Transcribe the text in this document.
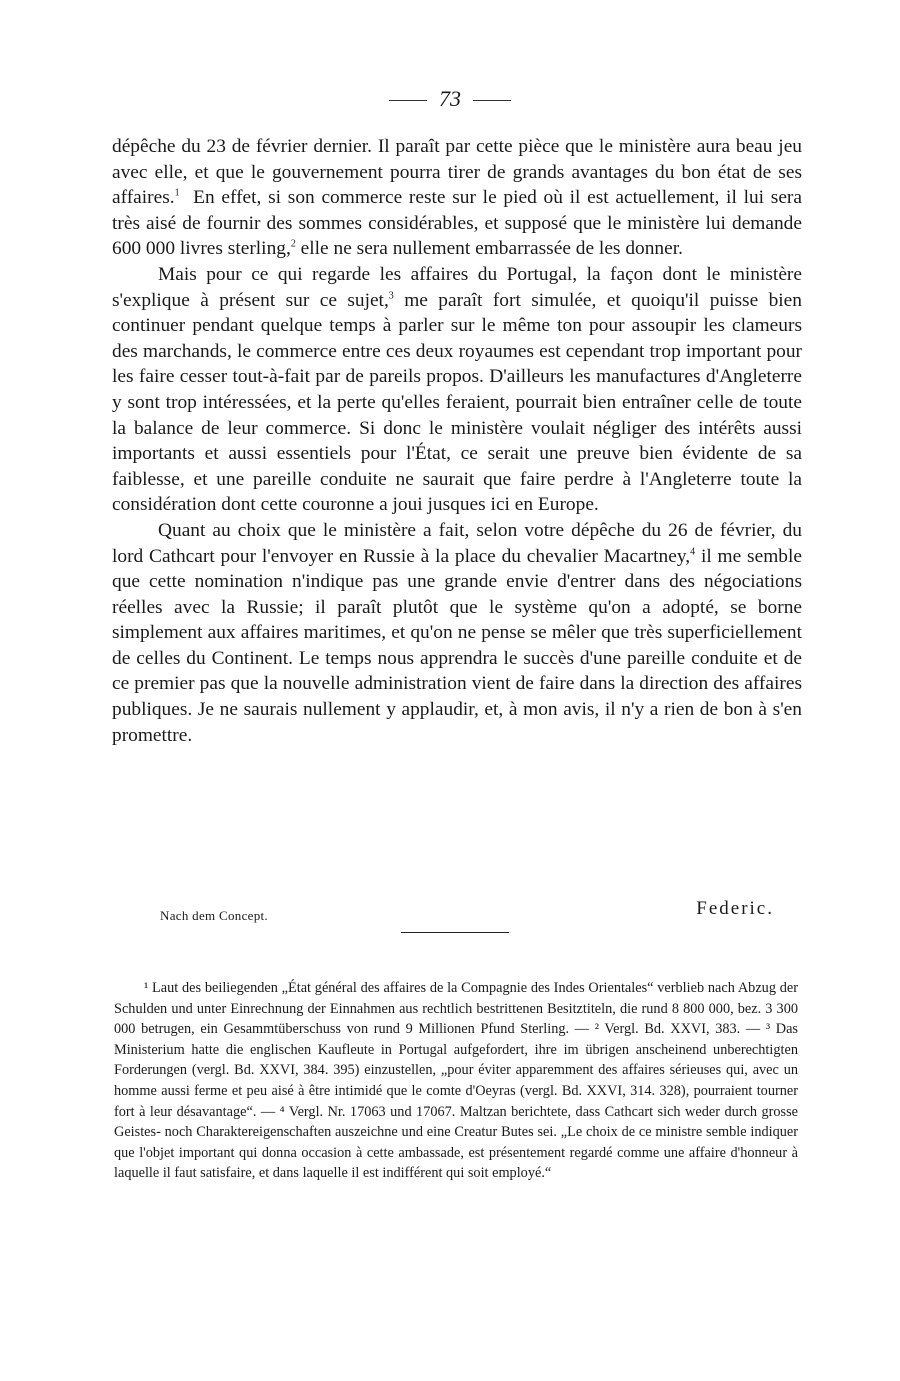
73

dépêche du 23 de février dernier. Il paraît par cette pièce que le ministère aura beau jeu avec elle, et que le gouvernement pourra tirer de grands avantages du bon état de ses affaires.$^1$ En effet, si son commerce reste sur le pied où il est actuellement, il lui sera très aisé de fournir des sommes considérables, et supposé que le ministère lui demande 600 000 livres sterling,$^2$ elle ne sera nullement embarrassée de les donner.

Mais pour ce qui regarde les affaires du Portugal, la façon dont le ministère s'explique à présent sur ce sujet,$^3$ me paraît fort simulée, et quoiqu'il puisse bien continuer pendant quelque temps à parler sur le même ton pour assoupir les clameurs des marchands, le commerce entre ces deux royaumes est cependant trop important pour les faire cesser tout-à-fait par de pareils propos. D'ailleurs les manufactures d'Angleterre y sont trop intéressées, et la perte qu'elles feraient, pourrait bien entraîner celle de toute la balance de leur commerce. Si donc le ministère voulait négliger des intérêts aussi importants et aussi essentiels pour l'État, ce serait une preuve bien évidente de sa faiblesse, et une pareille conduite ne saurait que faire perdre à l'Angleterre toute la considération dont cette couronne a joui jusques ici en Europe.

Quant au choix que le ministère a fait, selon votre dépêche du 26 de février, du lord Cathcart pour l'envoyer en Russie à la place du chevalier Macartney,$^4$ il me semble que cette nomination n'indique pas une grande envie d'entrer dans des négociations réelles avec la Russie; il paraît plutôt que le système qu'on a adopté, se borne simplement aux affaires maritimes, et qu'on ne pense se mêler que très superficiellement de celles du Continent. Le temps nous apprendra le succès d'une pareille conduite et de ce premier pas que la nouvelle administration vient de faire dans la direction des affaires publiques. Je ne saurais nullement y applaudir, et, à mon avis, il n'y a rien de bon à s'en promettre.

Nach dem Concept.	Federic.

¹ Laut des beiliegenden „État général des affaires de la Compagnie des Indes Orientales“ verblieb nach Abzug der Schulden und unter Einrechnung der Einnahmen aus rechtlich bestrittenen Besitztiteln, die rund 8 800 000, bez. 3 300 000 betrugen, ein Gesammtüberschuss von rund 9 Millionen Pfund Sterling. — ² Vergl. Bd. XXVI, 383. — ³ Das Ministerium hatte die englischen Kaufleute in Portugal aufgefordert, ihre im übrigen anscheinend unberechtigten Forderungen (vergl. Bd. XXVI, 384. 395) einzustellen, „pour éviter apparemment des affaires sérieuses qui, avec un homme aussi ferme et peu aisé à être intimidé que le comte d'Oeyras (vergl. Bd. XXVI, 314. 328), pourraient tourner fort à leur désavantage“. — ⁴ Vergl. Nr. 17063 und 17067. Maltzan berichtete, dass Cathcart sich weder durch grosse Geistes- noch Charaktereigenschaften auszeichne und eine Creatur Butes sei. „Le choix de ce ministre semble indiquer que l'objet important qui donna occasion à cette ambassade, est présentement regardé comme une affaire d'honneur à laquelle il faut satisfaire, et dans laquelle il est indifférent qui soit employé.“
